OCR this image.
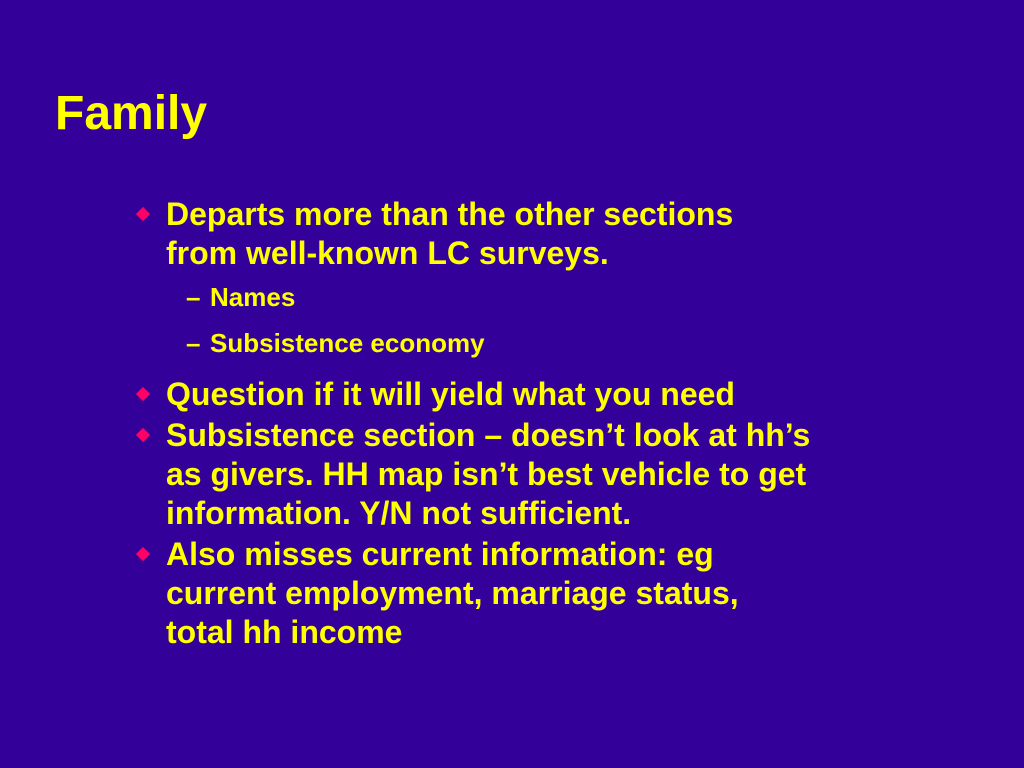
Family
Departs more than the other sections
from well-known LC surveys.
– Names
– Subsistence economy
Question if it will yield what you need
Subsistence section – doesn’t look at hh’s
as givers. HH map isn’t best vehicle to get
information. Y/N not sufficient.
Also misses current information: eg
current employment, marriage status,
total hh income
